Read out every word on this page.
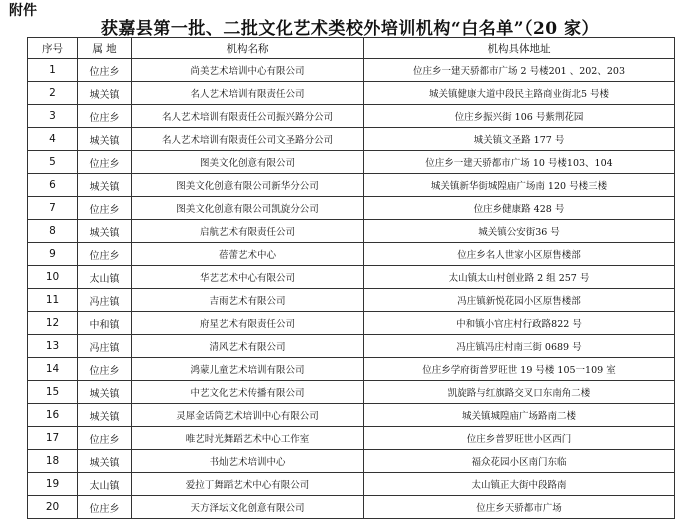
附件
获嘉县第一批、二批文化艺术类校外培训机构“白名单”（20 家）
序号	属 地	机构名称	机构具体地址
1	位庄乡	尚美艺术培训中心有限公司	位庄乡一建天骄都市广场 2 号楼201 、202、203
2	城关镇	名人艺术培训有限责任公司	城关镇健康大道中段民主路商业街北5 号楼
3	位庄乡	名人艺术培训有限责任公司振兴路分公司	位庄乡振兴街 106 号紫荆花园
4	城关镇	名人艺术培训有限责任公司文圣路分公司	城关镇文圣路 177 号
5	位庄乡	图美文化创意有限公司	位庄乡一建天骄都市广场 10 号楼103、104
6	城关镇	图美文化创意有限公司新华分公司	城关镇新华街城隍庙广场南 120 号楼三楼
7	位庄乡	图美文化创意有限公司凯旋分公司	位庄乡健康路 428 号
8	城关镇	启航艺术有限责任公司	城关镇公安街36 号
9	位庄乡	蓓蕾艺术中心	位庄乡名人世家小区原售楼部
10	太山镇	华艺艺术中心有限公司	太山镇太山村创业路 2 组 257 号
11	冯庄镇	吉雨艺术有限公司	冯庄镇新悦花园小区原售楼部
12	中和镇	府星艺术有限责任公司	中和镇小官庄村行政路822 号
13	冯庄镇	清风艺术有限公司	冯庄镇冯庄村南三街 0689 号
14	位庄乡	鸿蒙儿童艺术培训有限公司	位庄乡学府街普罗旺世 19 号楼 105一109 室
15	城关镇	中艺文化艺术传播有限公司	凯旋路与红旗路交叉口东南角二楼
16	城关镇	灵犀金话筒艺术培训中心有限公司	城关镇城隍庙广场路南二楼
17	位庄乡	唯艺时光舞蹈艺术中心工作室	位庄乡普罗旺世小区西门
18	城关镇	书灿艺术培训中心	福众花园小区南门东临
19	太山镇	爱拉丁舞蹈艺术中心有限公司	太山镇正大街中段路南
20	位庄乡	天方泽坛文化创意有限公司	位庄乡天骄都市广场
